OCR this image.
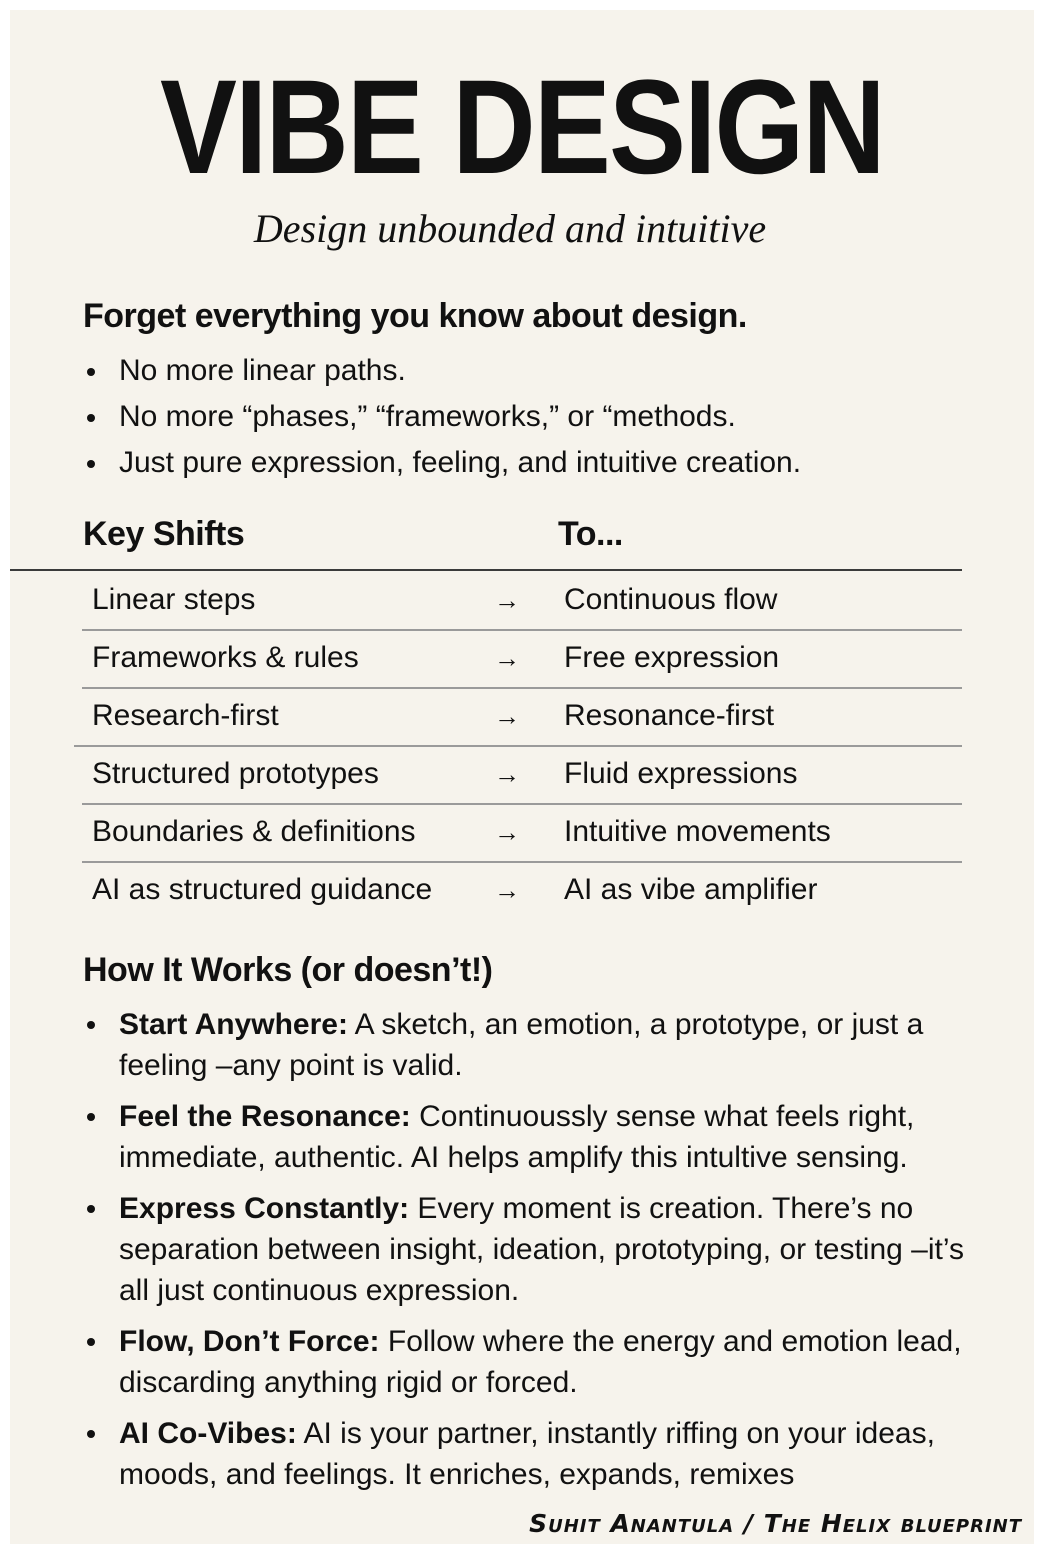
VIBE DESIGN
Design unbounded and intuitive
Forget everything you know about design.
No more linear paths.
No more “phases,” “frameworks,” or “methods.
Just pure expression, feeling, and intuitive creation.
Key Shifts	To...
Linear steps	→ Continuous flow
Frameworks & rules	→ Free expression
Research-first	→ Resonance-first
Structured prototypes	→ Fluid expressions
Boundaries & definitions	→ Intuitive movements
AI as structured guidance → AI as vibe amplifier
How It Works (or doesn’t!)
Start Anywhere: A sketch, an emotion, a prototype, or just a feeling –any point is valid.
Feel the Resonance: Continuoussly sense what feels right, immediate, authentic. AI helps amplify this intultive sensing.
Express Constantly: Every moment is creation. There’s no separation between insight, ideation, prototyping, or testing –it’s all just continuous expression.
Flow, Don’t Force: Follow where the energy and emotion lead, discarding anything rigid or forced.
AI Co-Vibes: AI is your partner, instantly riffing on your ideas, moods, and feelings. It enriches, expands, remixes
Suhit Anantula / The Helix blueprint
